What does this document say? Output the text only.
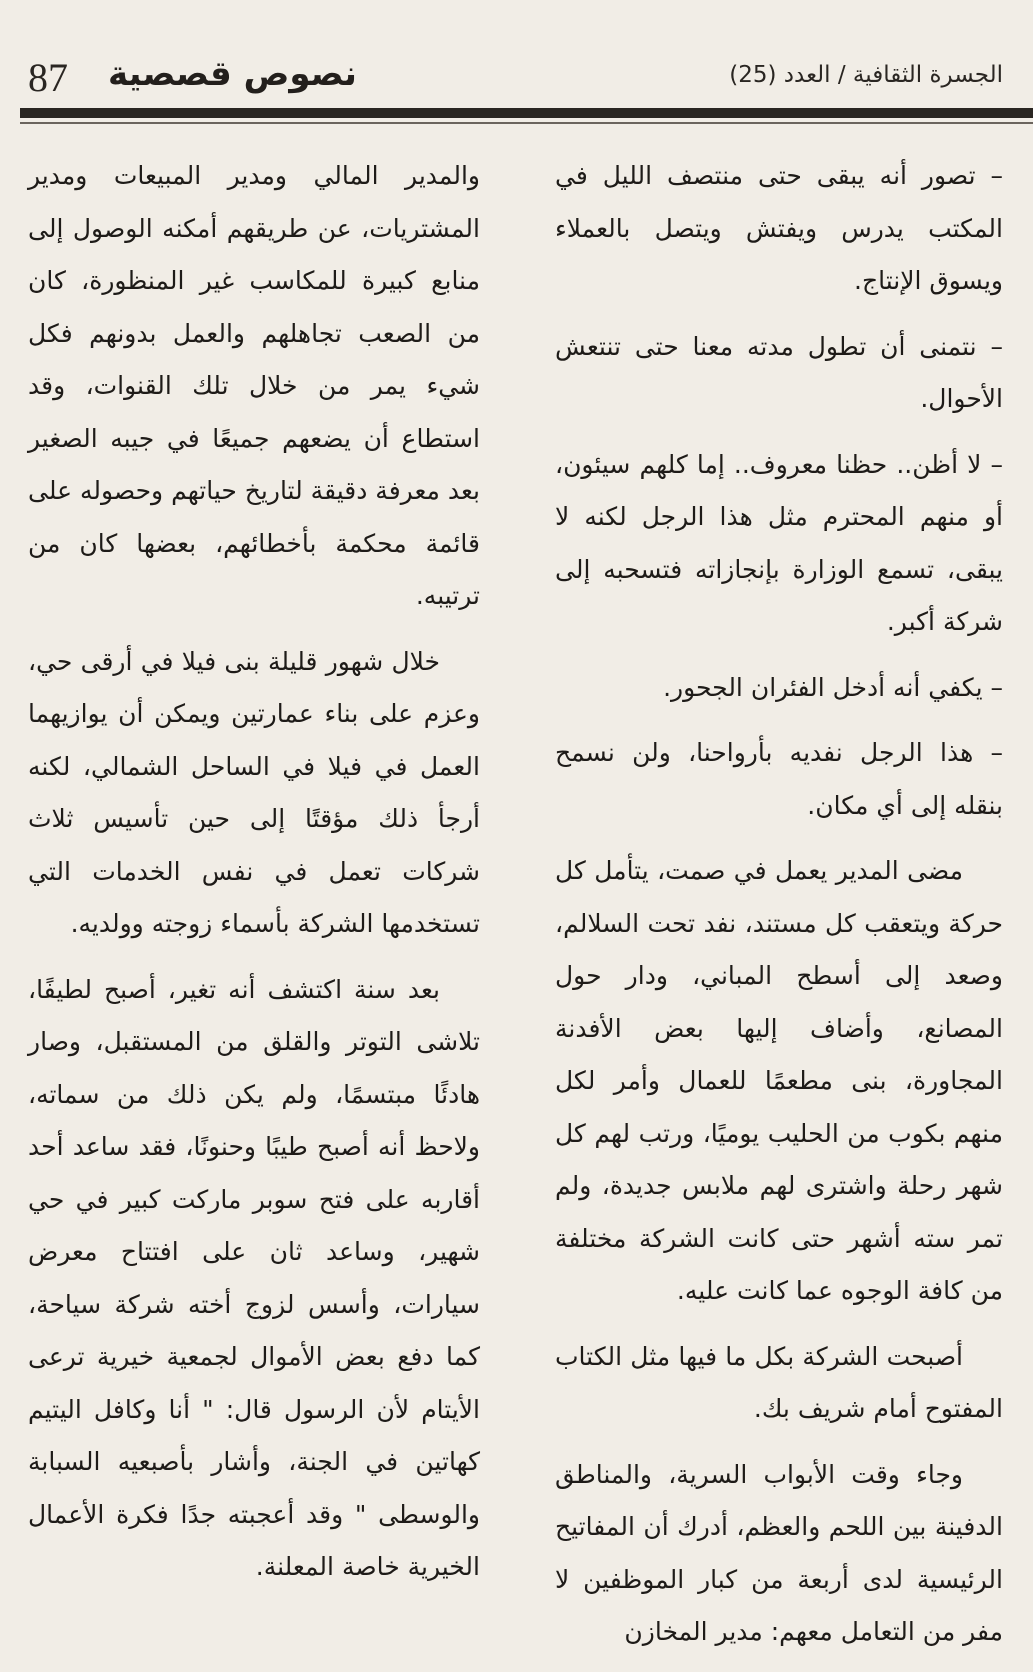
87 نصوص قصصية	الجسرة الثقافية / العدد (25)

– تصور أنه يبقى حتى منتصف الليل في المكتب يدرس ويفتش ويتصل بالعملاء ويسوق الإنتاج.

– نتمنى أن تطول مدته معنا حتى تنتعش الأحوال.

– لا أظن.. حظنا معروف.. إما كلهم سيئون، أو منهم المحترم مثل هذا الرجل لكنه لا يبقى، تسمع الوزارة بإنجازاته فتسحبه إلى شركة أكبر.

– يكفي أنه أدخل الفئران الجحور.

– هذا الرجل نفديه بأرواحنا، ولن نسمح بنقله إلى أي مكان.

مضى المدير يعمل في صمت، يتأمل كل حركة ويتعقب كل مستند، نفد تحت السلالم، وصعد إلى أسطح المباني، ودار حول المصانع، وأضاف إليها بعض الأفدنة المجاورة، بنى مطعمًا للعمال وأمر لكل منهم بكوب من الحليب يوميًا، ورتب لهم كل شهر رحلة واشترى لهم ملابس جديدة، ولم تمر سته أشهر حتى كانت الشركة مختلفة من كافة الوجوه عما كانت عليه.

أصبحت الشركة بكل ما فيها مثل الكتاب المفتوح أمام شريف بك.

وجاء وقت الأبواب السرية، والمناطق الدفينة بين اللحم والعظم، أدرك أن المفاتيح الرئيسية لدى أربعة من كبار الموظفين لا مفر من التعامل معهم: مدير المخازن

والمدير المالي ومدير المبيعات ومدير المشتريات، عن طريقهم أمكنه الوصول إلى منابع كبيرة للمكاسب غير المنظورة، كان من الصعب تجاهلهم والعمل بدونهم فكل شيء يمر من خلال تلك القنوات، وقد استطاع أن يضعهم جميعًا في جيبه الصغير بعد معرفة دقيقة لتاريخ حياتهم وحصوله على قائمة محكمة بأخطائهم، بعضها كان من ترتيبه.

خلال شهور قليلة بنى فيلا في أرقى حي، وعزم على بناء عمارتين ويمكن أن يوازيهما العمل في فيلا في الساحل الشمالي، لكنه أرجأ ذلك مؤقتًا إلى حين تأسيس ثلاث شركات تعمل في نفس الخدمات التي تستخدمها الشركة بأسماء زوجته وولديه.

بعد سنة اكتشف أنه تغير، أصبح لطيفًا، تلاشى التوتر والقلق من المستقبل، وصار هادئًا مبتسمًا، ولم يكن ذلك من سماته، ولاحظ أنه أصبح طيبًا وحنونًا، فقد ساعد أحد أقاربه على فتح سوبر ماركت كبير في حي شهير، وساعد ثان على افتتاح معرض سيارات، وأسس لزوج أخته شركة سياحة، كما دفع بعض الأموال لجمعية خيرية ترعى الأيتام لأن الرسول قال: " أنا وكافل اليتيم كهاتين في الجنة، وأشار بأصبعيه السبابة والوسطى " وقد أعجبته جدًا فكرة الأعمال الخيرية خاصة المعلنة.
